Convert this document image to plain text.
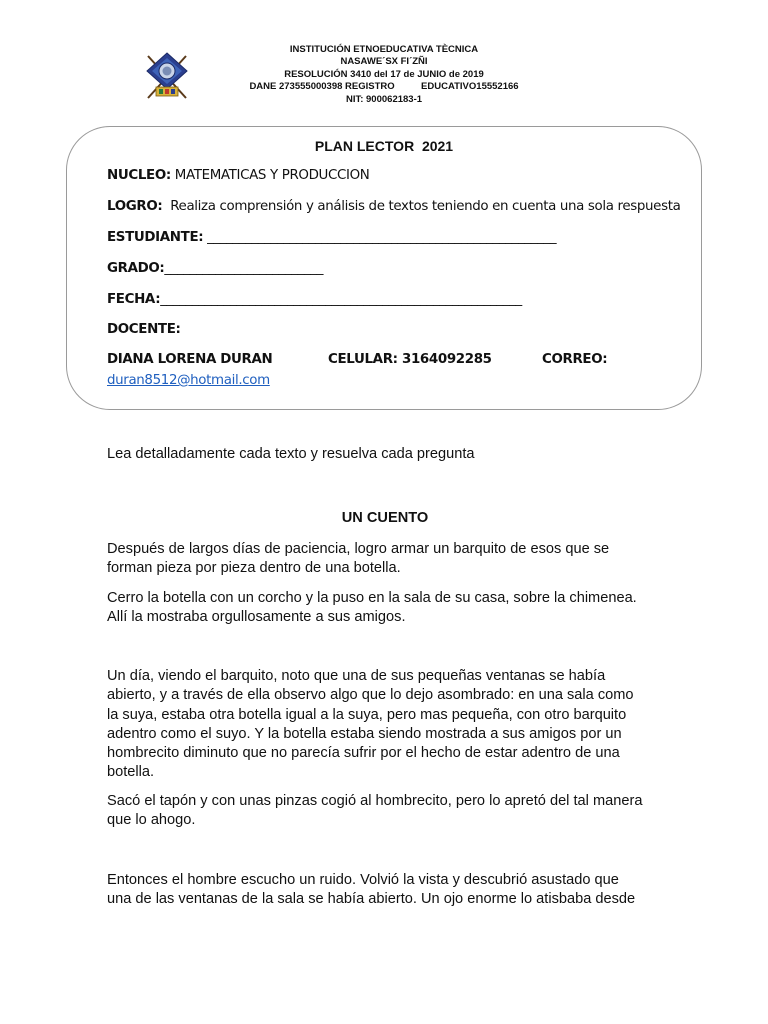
INSTITUCIÓN ETNOEDUCATIVA TÈCNICA
NASAWE´SX FI´ZÑI
RESOLUCIÓN 3410 del 17 de JUNIO de 2019
DANE 273555000398 REGISTRO          EDUCATIVO15552166
NIT: 900062183-1
PLAN LECTOR  2021
NUCLEO: MATEMATICAS Y PRODUCCION
LOGRO:  Realiza comprensión y análisis de textos teniendo en cuenta una sola respuesta
ESTUDIANTE: _______________________________________________________
GRADO:_________________________
FECHA:_________________________________________________________
DOCENTE:
DIANA LORENA DURAN	CELULAR: 3164092285	CORREO:
duran8512@hotmail.com
Lea detalladamente cada texto y resuelva cada pregunta
UN CUENTO
Después de largos días de paciencia, logro armar un barquito de esos que se
forman pieza por pieza dentro de una botella.
Cerro la botella con un corcho y la puso en la sala de su casa, sobre la chimenea.
Allí la mostraba orgullosamente a sus amigos.
Un día, viendo el barquito, noto que una de sus pequeñas ventanas se había
abierto, y a través de ella observo algo que lo dejo asombrado: en una sala como
la suya, estaba otra botella igual a la suya, pero mas pequeña, con otro barquito
adentro como el suyo. Y la botella estaba siendo mostrada a sus amigos por un
hombrecito diminuto que no parecía sufrir por el hecho de estar adentro de una
botella.
Sacó el tapón y con unas pinzas cogió al hombrecito, pero lo apretó del tal manera
que lo ahogo.
Entonces el hombre escucho un ruido. Volvió la vista y descubrió asustado que
una de las ventanas de la sala se había abierto. Un ojo enorme lo atisbaba desde
